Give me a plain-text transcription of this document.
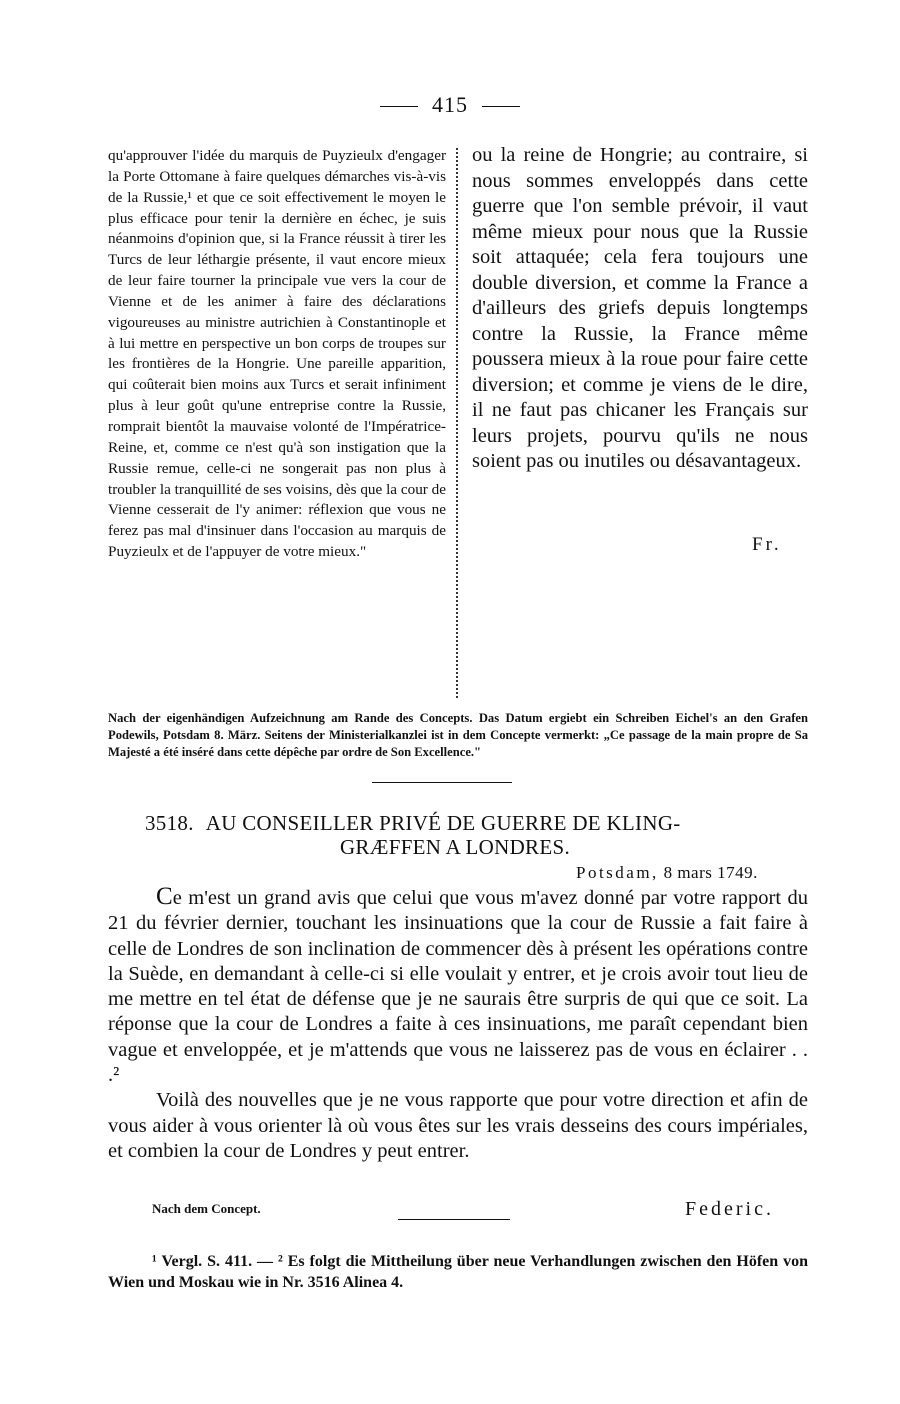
415

qu'approuver l'idée du marquis de Puyzieulx d'engager la Porte Ottomane à faire quelques démarches vis-à-vis de la Russie,¹ et que ce soit effectivement le moyen le plus efficace pour tenir la dernière en échec, je suis néanmoins d'opinion que, si la France réussit à tirer les Turcs de leur léthargie présente, il vaut encore mieux de leur faire tourner la principale vue vers la cour de Vienne et de les animer à faire des déclarations vigoureuses au ministre autrichien à Constantinople et à lui mettre en perspective un bon corps de troupes sur les frontières de la Hongrie. Une pareille apparition, qui coûterait bien moins aux Turcs et serait infiniment plus à leur goût qu'une entreprise contre la Russie, romprait bientôt la mauvaise volonté de l'Impératrice-Reine, et, comme ce n'est qu'à son instigation que la Russie remue, celle-ci ne songerait pas non plus à troubler la tranquillité de ses voisins, dès que la cour de Vienne cesserait de l'y animer: réflexion que vous ne ferez pas mal d'insinuer dans l'occasion au marquis de Puyzieulx et de l'appuyer de votre mieux."

ou la reine de Hongrie; au contraire, si nous sommes enveloppés dans cette guerre que l'on semble prévoir, il vaut même mieux pour nous que la Russie soit attaquée; cela fera toujours une double diversion, et comme la France a d'ailleurs des griefs depuis longtemps contre la Russie, la France même poussera mieux à la roue pour faire cette diversion; et comme je viens de le dire, il ne faut pas chicaner les Français sur leurs projets, pourvu qu'ils ne nous soient pas ou inutiles ou désavantageux.

Fr.
Nach der eigenhändigen Aufzeichnung am Rande des Concepts. Das Datum ergiebt ein Schreiben Eichel's an den Grafen Podewils, Potsdam 8. März. Seitens der Ministerialkanzlei ist in dem Concepte vermerkt: „Ce passage de la main propre de Sa Majesté a été inséré dans cette dépêche par ordre de Son Excellence."
3518. AU CONSEILLER PRIVÉ DE GUERRE DE KLING-
GRÆFFEN A LONDRES.
Potsdam, 8 mars 1749.

Ce m'est un grand avis que celui que vous m'avez donné par votre rapport du 21 du février dernier, touchant les insinuations que la cour de Russie a fait faire à celle de Londres de son inclination de commencer dès à présent les opérations contre la Suède, en demandant à celle-ci si elle voulait y entrer, et je crois avoir tout lieu de me mettre en tel état de défense que je ne saurais être surpris de qui que ce soit. La réponse que la cour de Londres a faite à ces insinuations, me paraît cependant bien vague et enveloppée, et je m'attends que vous ne laisserez pas de vous en éclairer . . .²

Voilà des nouvelles que je ne vous rapporte que pour votre direction et afin de vous aider à vous orienter là où vous êtes sur les vrais desseins des cours impériales, et combien la cour de Londres y peut entrer.

Nach dem Concept.	Federic.

¹ Vergl. S. 411. — ² Es folgt die Mittheilung über neue Verhandlungen zwischen den Höfen von Wien und Moskau wie in Nr. 3516 Alinea 4.
